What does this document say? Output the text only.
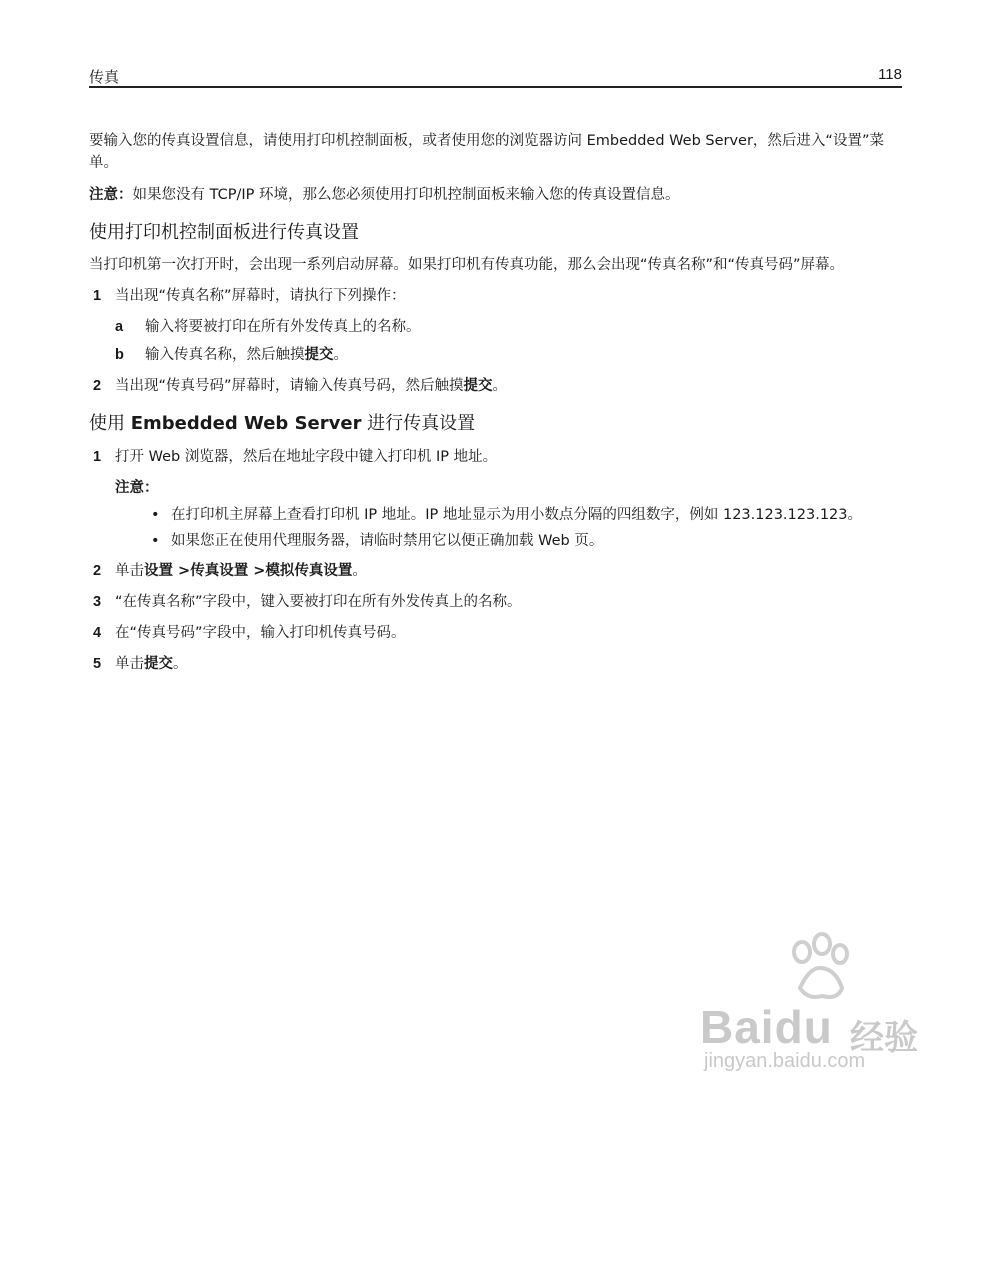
传真	118

要输入您的传真设置信息，请使用打印机控制面板，或者使用您的浏览器访问 Embedded Web Server，然后进入“设置”菜单。

注意：如果您没有 TCP/IP 环境，那么您必须使用打印机控制面板来输入您的传真设置信息。

使用打印机控制面板进行传真设置

当打印机第一次打开时，会出现一系列启动屏幕。如果打印机有传真功能，那么会出现“传真名称”和“传真号码”屏幕。

1 当出现“传真名称”屏幕时，请执行下列操作：
a 输入将要被打印在所有外发传真上的名称。
b 输入传真名称，然后触摸提交。
2 当出现“传真号码”屏幕时，请输入传真号码，然后触摸提交。
使用 Embedded Web Server 进行传真设置
1 打开 Web 浏览器，然后在地址字段中键入打印机 IP 地址。

注意：

• 在打印机主屏幕上查看打印机 IP 地址。IP 地址显示为用小数点分隔的四组数字，例如 123.123.123.123。
• 如果您正在使用代理服务器，请临时禁用它以便正确加载 Web 页。
2 单击设置 >传真设置 >模拟传真设置。
3 “在传真名称”字段中，键入要被打印在所有外发传真上的名称。
4 在“传真号码”字段中，输入打印机传真号码。
5 单击提交。
Baidu 经验
jingyan.baidu.com
